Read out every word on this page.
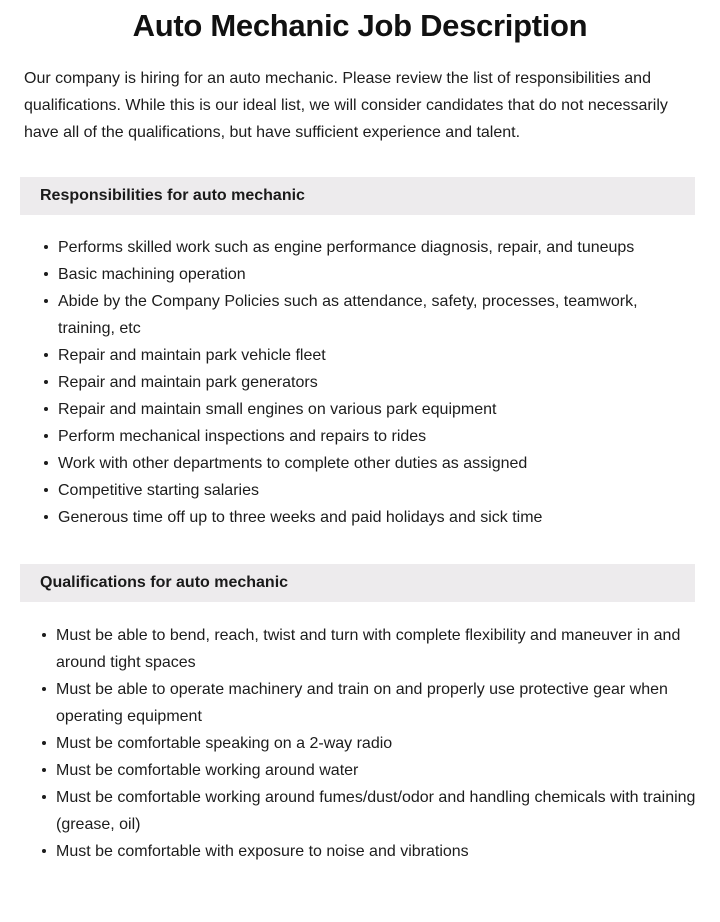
Auto Mechanic Job Description

Our company is hiring for an auto mechanic. Please review the list of responsibilities and qualifications. While this is our ideal list, we will consider candidates that do not necessarily have all of the qualifications, but have sufficient experience and talent.

Responsibilities for auto mechanic
Performs skilled work such as engine performance diagnosis, repair, and tuneups
Basic machining operation
Abide by the Company Policies such as attendance, safety, processes, teamwork, training, etc
Repair and maintain park vehicle fleet
Repair and maintain park generators
Repair and maintain small engines on various park equipment
Perform mechanical inspections and repairs to rides
Work with other departments to complete other duties as assigned
Competitive starting salaries
Generous time off up to three weeks and paid holidays and sick time
Qualifications for auto mechanic
Must be able to bend, reach, twist and turn with complete flexibility and maneuver in and around tight spaces
Must be able to operate machinery and train on and properly use protective gear when operating equipment
Must be comfortable speaking on a 2-way radio
Must be comfortable working around water
Must be comfortable working around fumes/dust/odor and handling chemicals with training (grease, oil)
Must be comfortable with exposure to noise and vibrations
